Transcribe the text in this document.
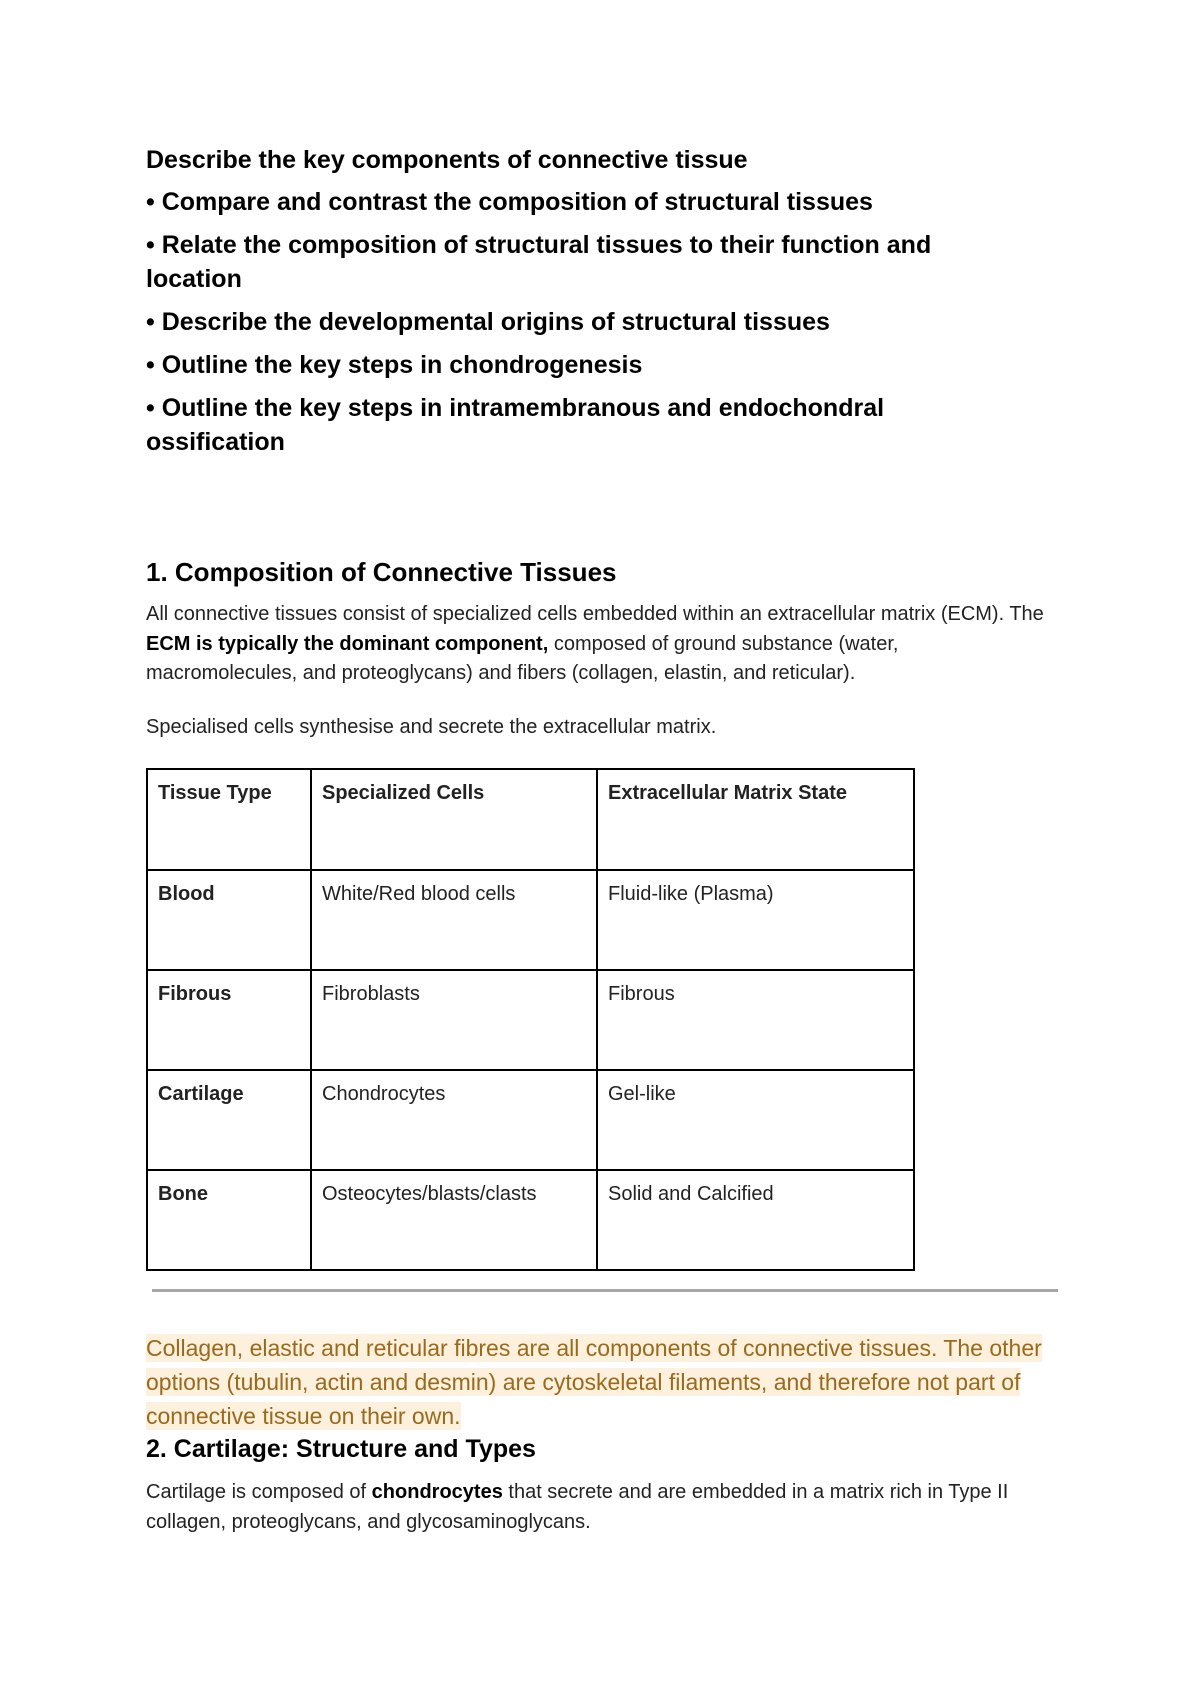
Describe the key components of connective tissue

• Compare and contrast the composition of structural tissues

• Relate the composition of structural tissues to their function and location

• Describe the developmental origins of structural tissues

• Outline the key steps in chondrogenesis

• Outline the key steps in intramembranous and endochondral ossification

1. Composition of Connective Tissues

All connective tissues consist of specialized cells embedded within an extracellular matrix (ECM). The ECM is typically the dominant component, composed of ground substance (water, macromolecules, and proteoglycans) and fibers (collagen, elastin, and reticular).

Specialised cells synthesise and secrete the extracellular matrix.

Tissue Type	Specialized Cells	Extracellular Matrix State
Blood	White/Red blood cells	Fluid-like (Plasma)
Fibrous	Fibroblasts	Fibrous
Cartilage	Chondrocytes	Gel-like
Bone	Osteocytes/blasts/clasts	Solid and Calcified

Collagen, elastic and reticular fibres are all components of connective tissues. The other options (tubulin, actin and desmin) are cytoskeletal filaments, and therefore not part of connective tissue on their own.

2. Cartilage: Structure and Types

Cartilage is composed of chondrocytes that secrete and are embedded in a matrix rich in Type II collagen, proteoglycans, and glycosaminoglycans.
